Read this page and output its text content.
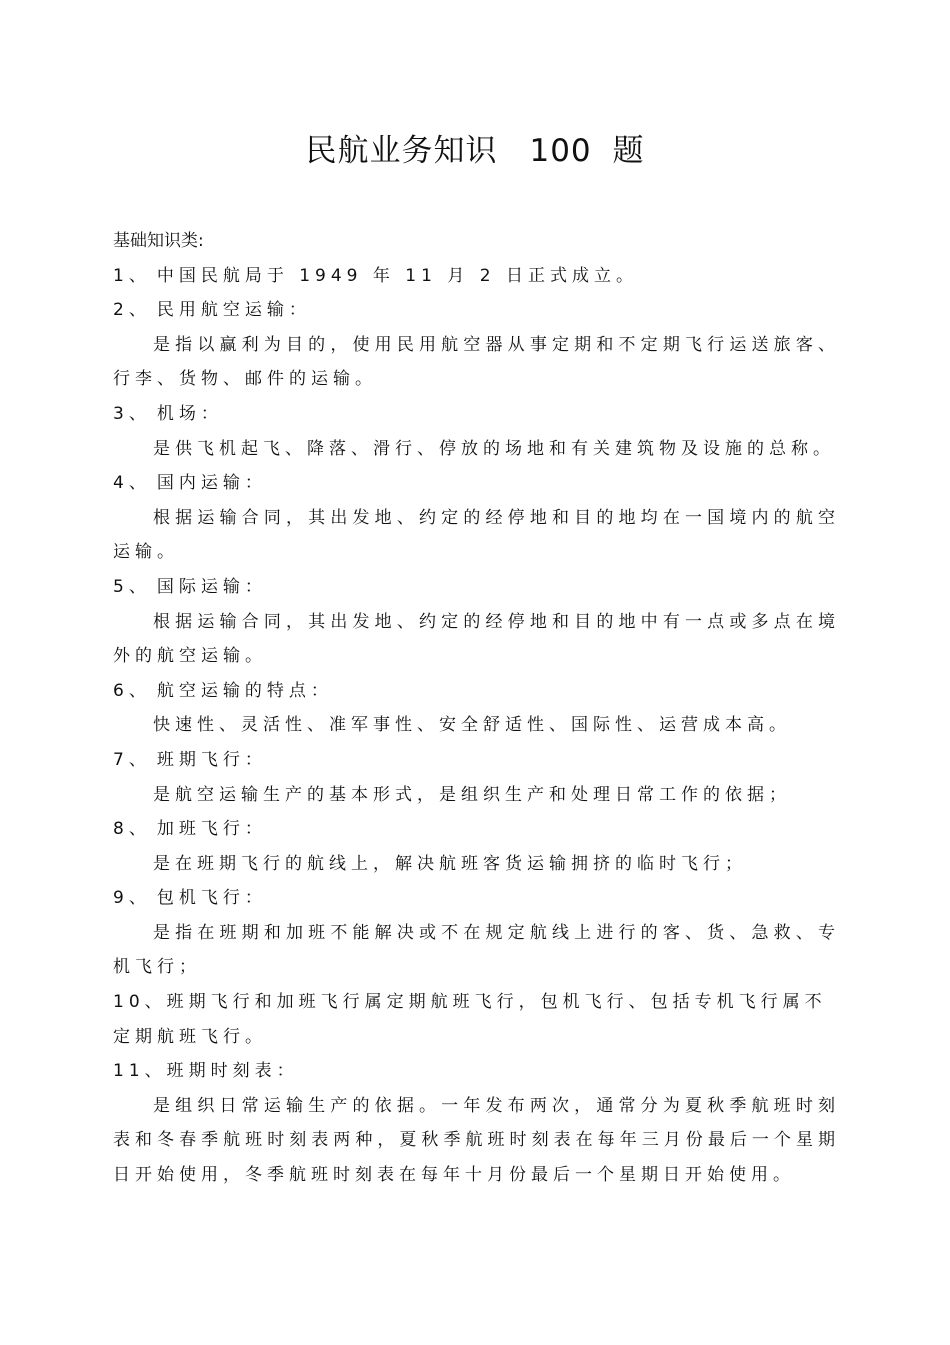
民航业务知识　100 题

基础知识类:

1、 中国民航局于 1949 年 11 月 2 日正式成立。

2、 民用航空运输：

是指以赢利为目的，使用民用航空器从事定期和不定期飞行运送旅客、行李、货物、邮件的运输。

3、 机场：

是供飞机起飞、降落、滑行、停放的场地和有关建筑物及设施的总称。

4、 国内运输：

根据运输合同，其出发地、约定的经停地和目的地均在一国境内的航空运输。

5、 国际运输：

根据运输合同，其出发地、约定的经停地和目的地中有一点或多点在境外的航空运输。

6、 航空运输的特点：

快速性、灵活性、准军事性、安全舒适性、国际性、运营成本高。

7、 班期飞行：

是航空运输生产的基本形式，是组织生产和处理日常工作的依据；

8、 加班飞行：

是在班期飞行的航线上，解决航班客货运输拥挤的临时飞行；

9、 包机飞行：

是指在班期和加班不能解决或不在规定航线上进行的客、货、急救、专机飞行；

10、班期飞行和加班飞行属定期航班飞行，包机飞行、包括专机飞行属不定期航班飞行。

11、班期时刻表：

是组织日常运输生产的依据。一年发布两次，通常分为夏秋季航班时刻表和冬春季航班时刻表两种，夏秋季航班时刻表在每年三月份最后一个星期日开始使用，冬季航班时刻表在每年十月份最后一个星期日开始使用。
